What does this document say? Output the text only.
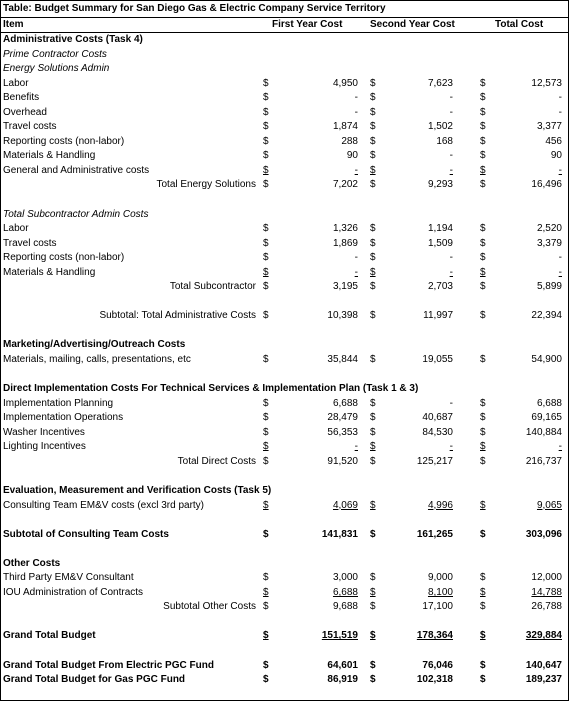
Table: Budget Summary for San Diego Gas & Electric Company Service Territory
Item	First Year Cost	Second Year Cost	Total Cost
Administrative Costs (Task 4)
Prime Contractor Costs
Energy Solutions Admin
Labor	$	4,950 $	7,623	$	12,573
Benefits	$	- $	-	$	-
Overhead	$	- $	-	$	-
Travel costs	$	1,874 $	1,502	$	3,377
Reporting costs (non-labor)	$	288 $	168	$	456
Materials & Handling	$	90 $	-	$	90
General and Administrative costs	$	- $	-	$	-
Total Energy Solutions $	7,202 $	9,293	$	16,496
Total Subcontractor Admin Costs
Labor	$	1,326 $	1,194	$	2,520
Travel costs	$	1,869 $	1,509	$	3,379
Reporting costs (non-labor)	$	- $	-	$	-
Materials & Handling	$	- $	-	$	-
Total Subcontractor $	3,195 $	2,703	$	5,899
Subtotal: Total Administrative Costs $	10,398 $	11,997	$	22,394
Marketing/Advertising/Outreach Costs
Materials, mailing, calls, presentations, etc	$	35,844 $	19,055	$	54,900
Direct Implementation Costs For Technical Services & Implementation Plan (Task 1 & 3)
Implementation Planning	$	6,688 $	-	$	6,688
Implementation Operations	$	28,479 $	40,687	$	69,165
Washer Incentives	$	56,353 $	84,530	$	140,884
Lighting Incentives	$	- $	-	$	-
Total Direct Costs $	91,520 $	125,217	$	216,737
Evaluation, Measurement and Verification Costs (Task 5)
Consulting Team EM&V costs (excl 3rd party)	$	4,069 $	4,996	$	9,065
Subtotal of Consulting Team Costs	$	141,831 $	161,265	$	303,096
Other Costs
Third Party EM&V Consultant	$	3,000 $	9,000	$	12,000
IOU Administration of Contracts	$	6,688 $	8,100	$	14,788
Subtotal Other Costs $	9,688 $	17,100	$	26,788
Grand Total Budget	$	151,519 $	178,364	$	329,884
Grand Total Budget From Electric PGC Fund	$	64,601 $	76,046	$	140,647
Grand Total Budget for Gas PGC Fund	$	86,919 $	102,318	$	189,237
